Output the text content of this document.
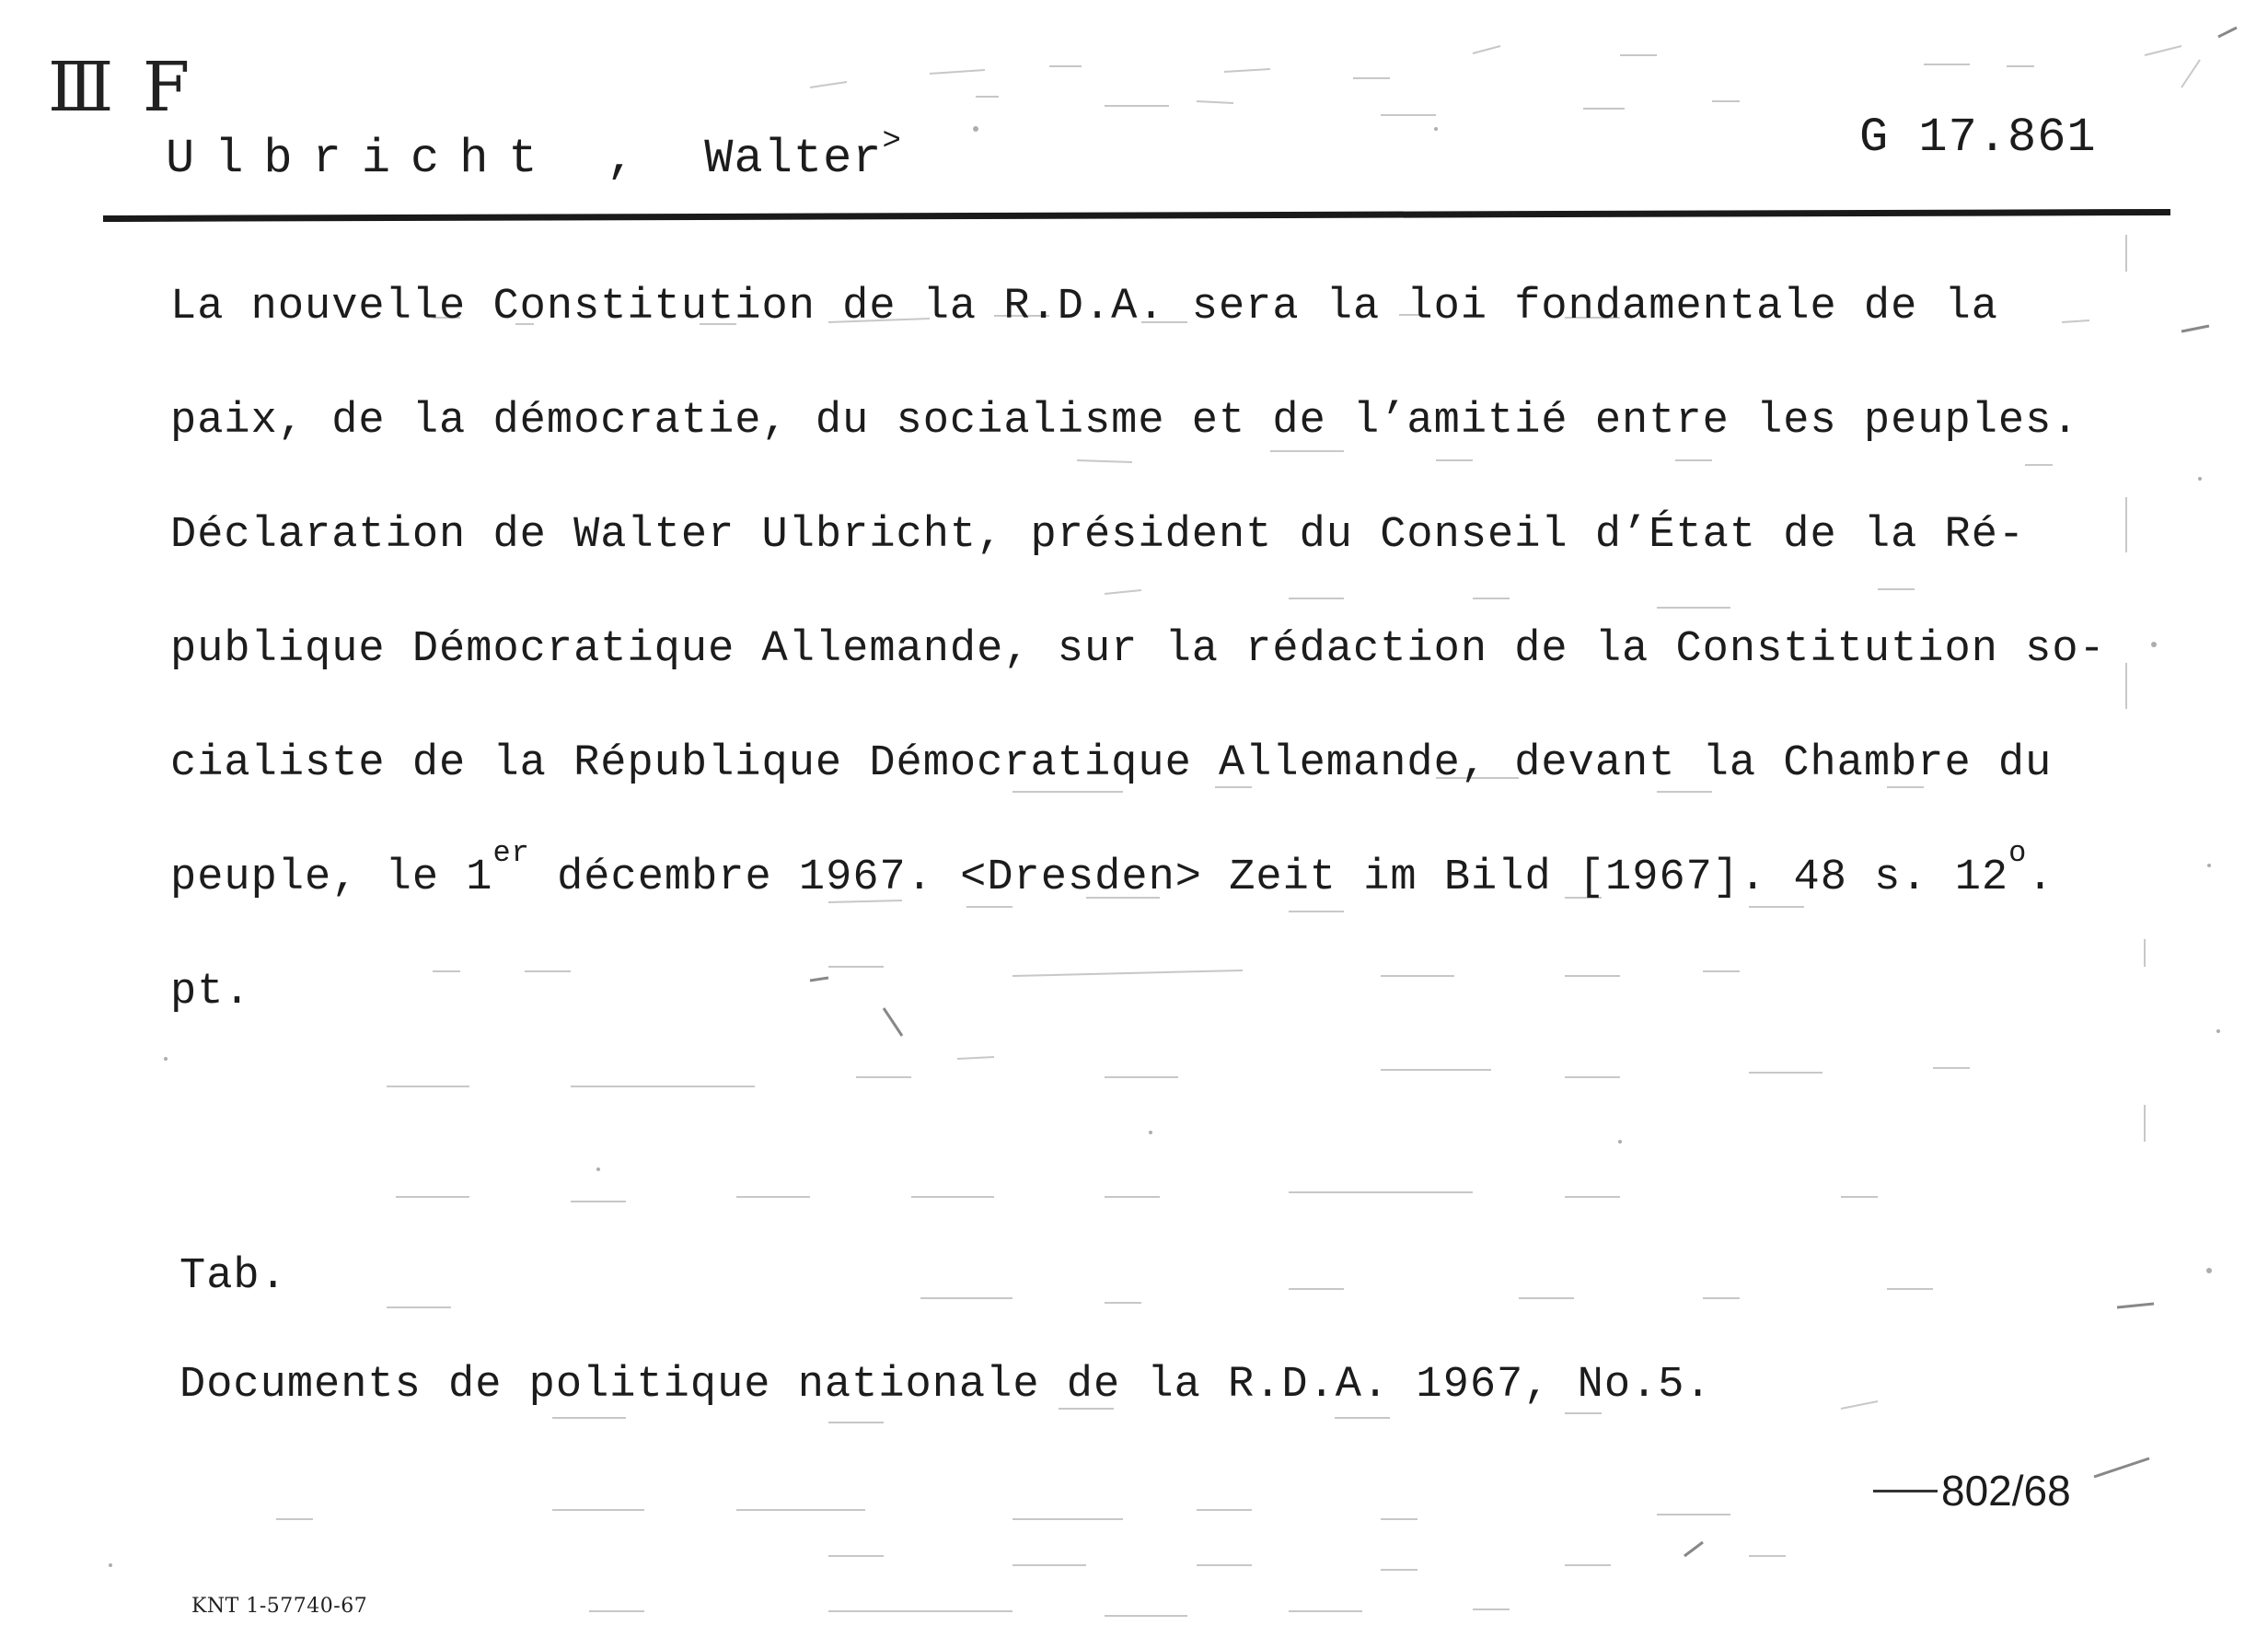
Ⅲ F
Ulbricht , Walter>	G 17.861
La nouvelle Constitution de la R.D.A. sera la loi fondamentale de la
paix, de la démocratie, du socialisme et de l’amitié entre les peuples.
Déclaration de Walter Ulbricht, président du Conseil d’État de la Ré-
publique Démocratique Allemande, sur la rédaction de la Constitution so-
cialiste de la République Démocratique Allemande, devant la Chambre du
peuple, le 1er décembre 1967. <Dresden> Zeit im Bild [1967]. 48 s. 12$^o$.
pt.
Tab.
Documents de politique nationale de la R.D.A. 1967, No.5.
802/68
KNT 1-57740-67
